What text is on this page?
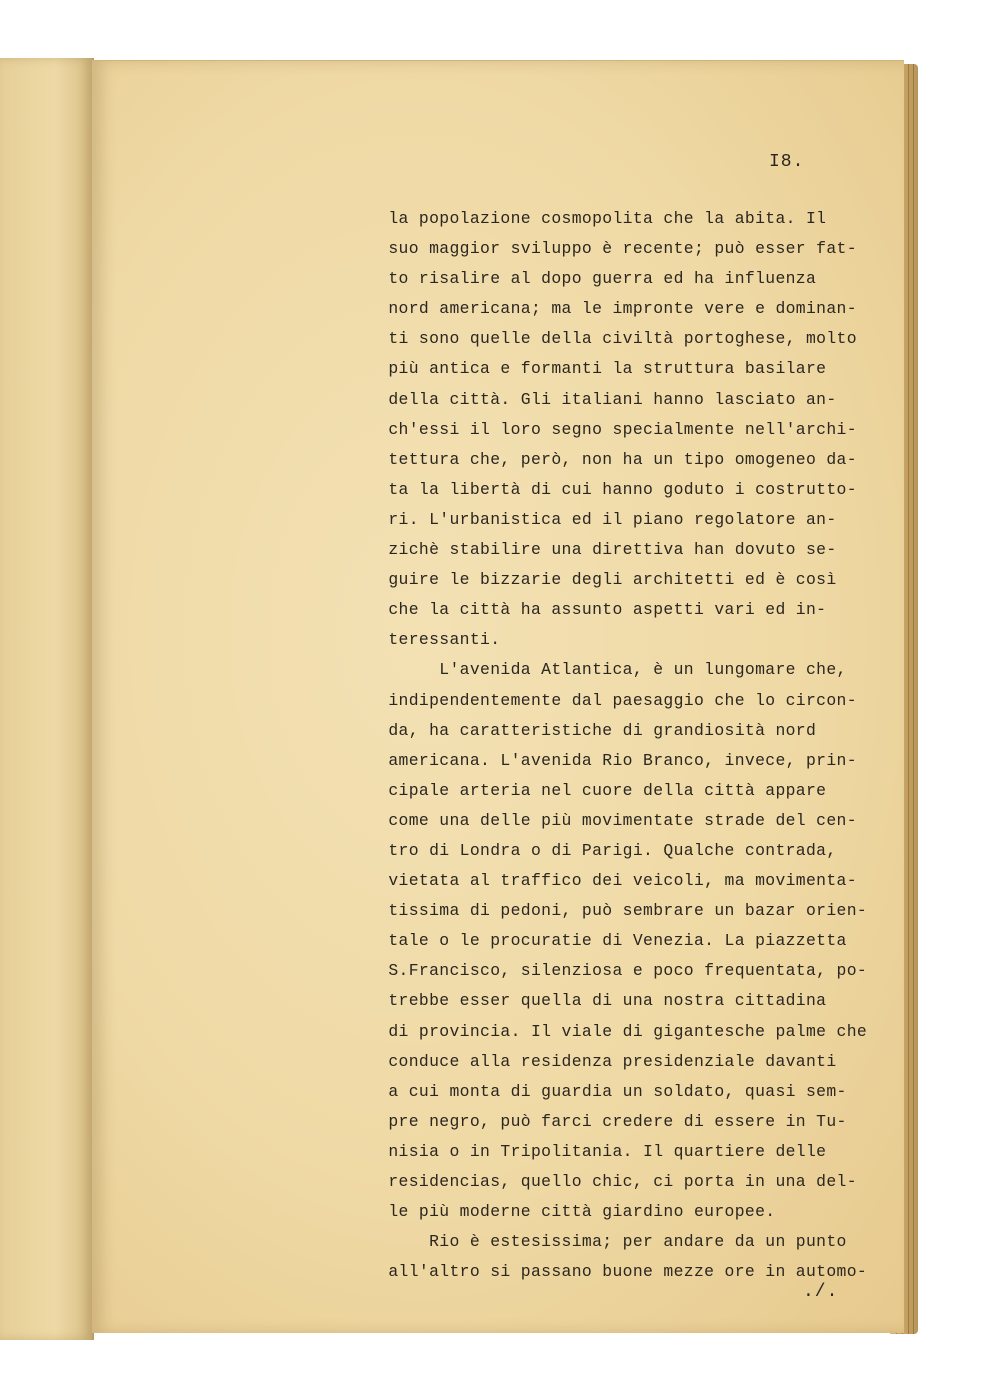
I8.
la popolazione cosmopolita che la abita. Il
suo maggior sviluppo è recente; può esser fat-
to risalire al dopo guerra ed ha influenza
nord americana; ma le impronte vere e dominan-
ti sono quelle della civiltà portoghese, molto
più antica e formanti la struttura basilare
della città. Gli italiani hanno lasciato an-
ch'essi il loro segno specialmente nell'archi-
tettura che, però, non ha un tipo omogeneo da-
ta la libertà di cui hanno goduto i costrutto-
ri. L'urbanistica ed il piano regolatore an-
zichè stabilire una direttiva han dovuto se-
guire le bizzarie degli architetti ed è così
che la città ha assunto aspetti vari ed in-
teressanti.
L'avenida Atlantica, è un lungomare che,
indipendentemente dal paesaggio che lo circon-
da, ha caratteristiche di grandiosità nord
americana. L'avenida Rio Branco, invece, prin-
cipale arteria nel cuore della città appare
come una delle più movimentate strade del cen-
tro di Londra o di Parigi. Qualche contrada,
vietata al traffico dei veicoli, ma movimenta-
tissima di pedoni, può sembrare un bazar orien-
tale o le procuratie di Venezia. La piazzetta
S.Francisco, silenziosa e poco frequentata, po-
trebbe esser quella di una nostra cittadina
di provincia. Il viale di gigantesche palme che
conduce alla residenza presidenziale davanti
a cui monta di guardia un soldato, quasi sem-
pre negro, può farci credere di essere in Tu-
nisia o in Tripolitania. Il quartiere delle
residencias, quello chic, ci porta in una del-
le più moderne città giardino europee.
Rio è estesissima; per andare da un punto
all'altro si passano buone mezze ore in automo-
./.
